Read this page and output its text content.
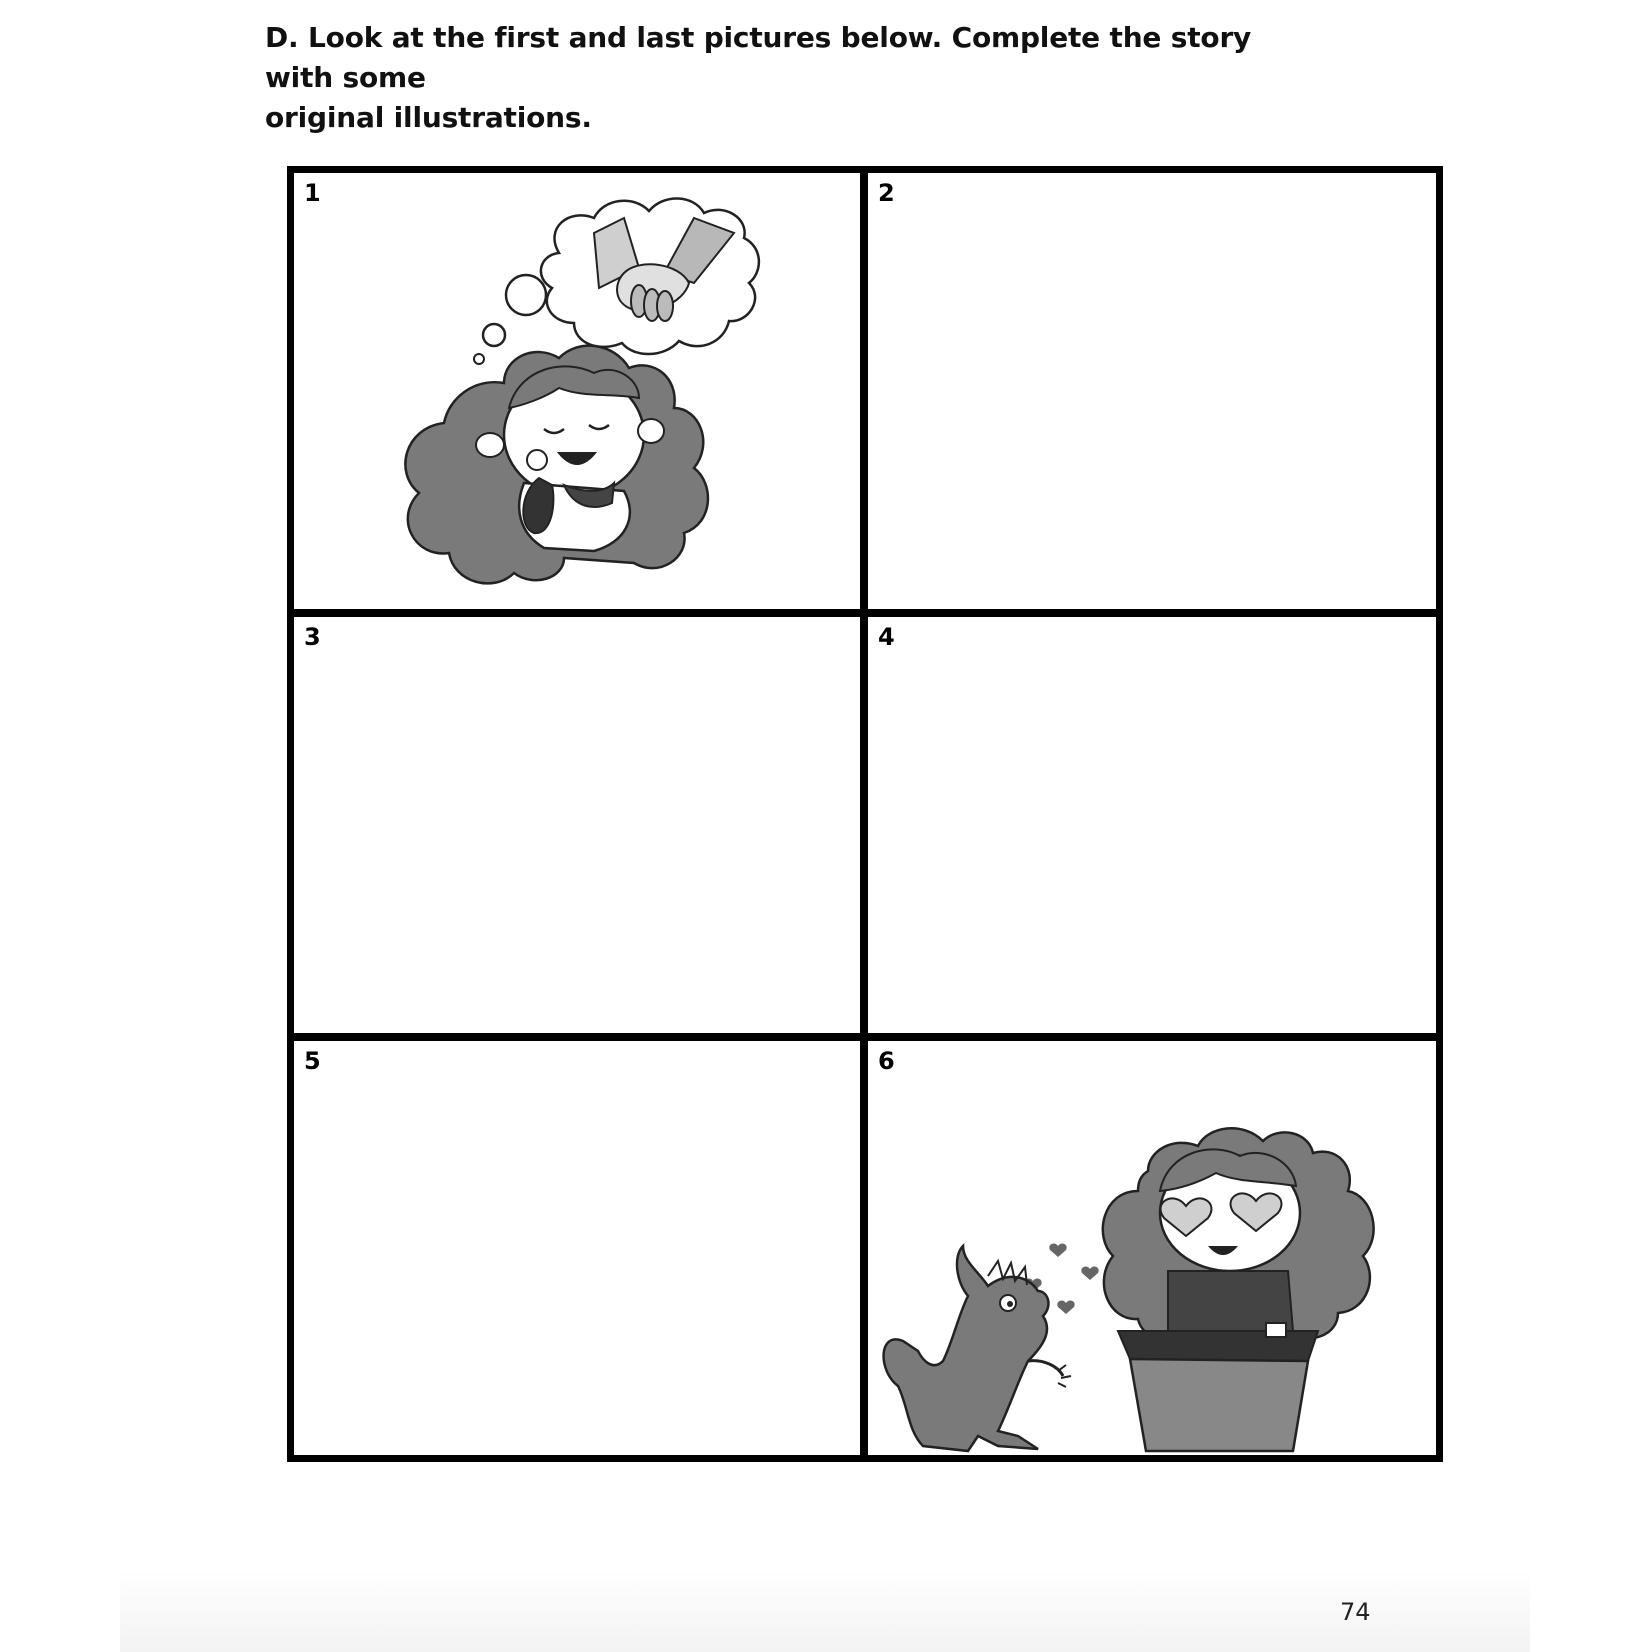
D. Look at the first and last pictures below. Complete the story with some
original illustrations.
1	2
3	4
5	6
74
